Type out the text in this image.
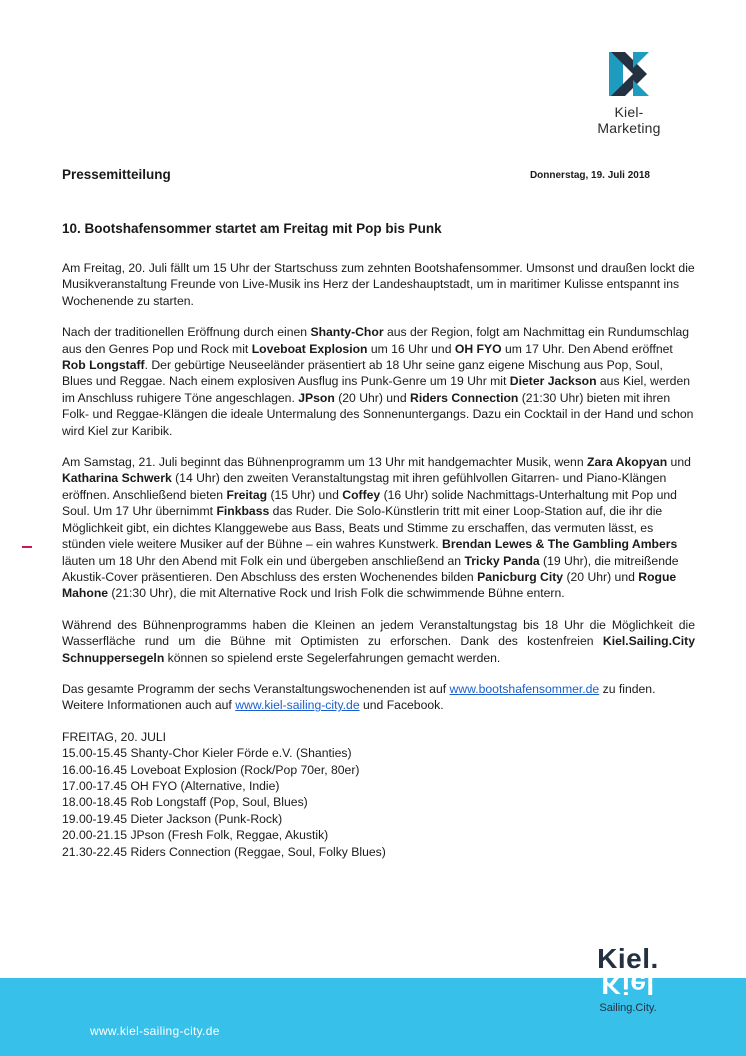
Kiel-Marketing
Pressemitteilung	Donnerstag, 19. Juli 2018
10. Bootshafensommer startet am Freitag mit Pop bis Punk

Am Freitag, 20. Juli fällt um 15 Uhr der Startschuss zum zehnten Bootshafensommer. Umsonst und draußen lockt die Musikveranstaltung Freunde von Live-Musik ins Herz der Landeshauptstadt, um in maritimer Kulisse entspannt ins Wochenende zu starten.

Nach der traditionellen Eröffnung durch einen Shanty-Chor aus der Region, folgt am Nachmittag ein Rundumschlag aus den Genres Pop und Rock mit Loveboat Explosion um 16 Uhr und OH FYO um 17 Uhr. Den Abend eröffnet Rob Longstaff. Der gebürtige Neuseeländer präsentiert ab 18 Uhr seine ganz eigene Mischung aus Pop, Soul, Blues und Reggae. Nach einem explosiven Ausflug ins Punk-Genre um 19 Uhr mit Dieter Jackson aus Kiel, werden im Anschluss ruhigere Töne angeschlagen. JPson (20 Uhr) und Riders Connection (21:30 Uhr) bieten mit ihren Folk- und Reggae-Klängen die ideale Untermalung des Sonnenuntergangs. Dazu ein Cocktail in der Hand und schon wird Kiel zur Karibik.

Am Samstag, 21. Juli beginnt das Bühnenprogramm um 13 Uhr mit handgemachter Musik, wenn Zara Akopyan und Katharina Schwerk (14 Uhr) den zweiten Veranstaltungstag mit ihren gefühlvollen Gitarren- und Piano-Klängen eröffnen. Anschließend bieten Freitag (15 Uhr) und Coffey (16 Uhr) solide Nachmittags-Unterhaltung mit Pop und Soul. Um 17 Uhr übernimmt Finkbass das Ruder. Die Solo-Künstlerin tritt mit einer Loop-Station auf, die ihr die Möglichkeit gibt, ein dichtes Klanggewebe aus Bass, Beats und Stimme zu erschaffen, das vermuten lässt, es stünden viele weitere Musiker auf der Bühne – ein wahres Kunstwerk. Brendan Lewes & The Gambling Ambers läuten um 18 Uhr den Abend mit Folk ein und übergeben anschließend an Tricky Panda (19 Uhr), die mitreißende Akustik-Cover präsentieren. Den Abschluss des ersten Wochenendes bilden Panicburg City (20 Uhr) und Rogue Mahone (21:30 Uhr), die mit Alternative Rock und Irish Folk die schwimmende Bühne entern.

Während des Bühnenprogramms haben die Kleinen an jedem Veranstaltungstag bis 18 Uhr die Möglichkeit die Wasserfläche rund um die Bühne mit Optimisten zu erforschen. Dank des kostenfreien Kiel.Sailing.City Schnuppersegeln können so spielend erste Segelerfahrungen gemacht werden.

Das gesamte Programm der sechs Veranstaltungswochenenden ist auf www.bootshafensommer.de zu finden. Weitere Informationen auch auf www.kiel-sailing-city.de und Facebook.

FREITAG, 20. JULI
15.00-15.45 Shanty-Chor Kieler Förde e.V. (Shanties)
16.00-16.45 Loveboat Explosion (Rock/Pop 70er, 80er)
17.00-17.45 OH FYO (Alternative, Indie)
18.00-18.45 Rob Longstaff (Pop, Soul, Blues)
19.00-19.45 Dieter Jackson (Punk-Rock)
20.00-21.15 JPson (Fresh Folk, Reggae, Akustik)
21.30-22.45 Riders Connection (Reggae, Soul, Folky Blues)
www.kiel-sailing-city.de
Kiel.
Kiel
Sailing.City.
